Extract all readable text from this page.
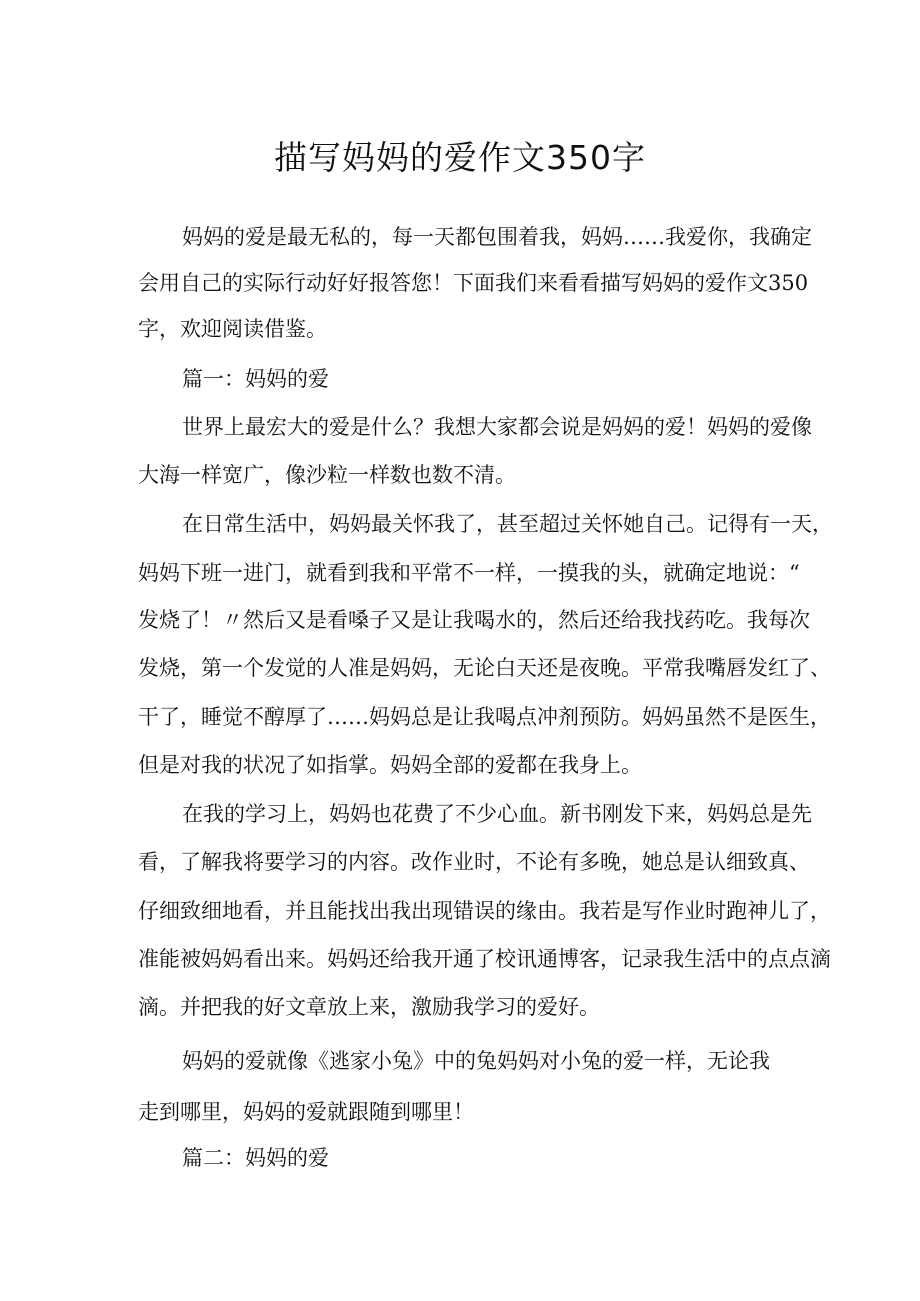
描写妈妈的爱作文350字

妈妈的爱是最无私的，每一天都包围着我，妈妈……我爱你，我确定

会用自己的实际行动好好报答您！下面我们来看看描写妈妈的爱作文350

字，欢迎阅读借鉴。

篇一：妈妈的爱

世界上最宏大的爱是什么？我想大家都会说是妈妈的爱！妈妈的爱像

大海一样宽广，像沙粒一样数也数不清。

在日常生活中，妈妈最关怀我了，甚至超过关怀她自己。记得有一天，

妈妈下班一进门，就看到我和平常不一样，一摸我的头，就确定地说：“

发烧了！〃然后又是看嗓子又是让我喝水的，然后还给我找药吃。我每次

发烧，第一个发觉的人准是妈妈，无论白天还是夜晚。平常我嘴唇发红了、

干了，睡觉不醇厚了……妈妈总是让我喝点冲剂预防。妈妈虽然不是医生，

但是对我的状况了如指掌。妈妈全部的爱都在我身上。

在我的学习上，妈妈也花费了不少心血。新书刚发下来，妈妈总是先

看，了解我将要学习的内容。改作业时，不论有多晚，她总是认细致真、

仔细致细地看，并且能找出我出现错误的缘由。我若是写作业时跑神儿了，

准能被妈妈看出来。妈妈还给我开通了校讯通博客，记录我生活中的点点滴

滴。并把我的好文章放上来，激励我学习的爱好。

妈妈的爱就像《逃家小兔》中的兔妈妈对小兔的爱一样，无论我

走到哪里，妈妈的爱就跟随到哪里！

篇二：妈妈的爱
